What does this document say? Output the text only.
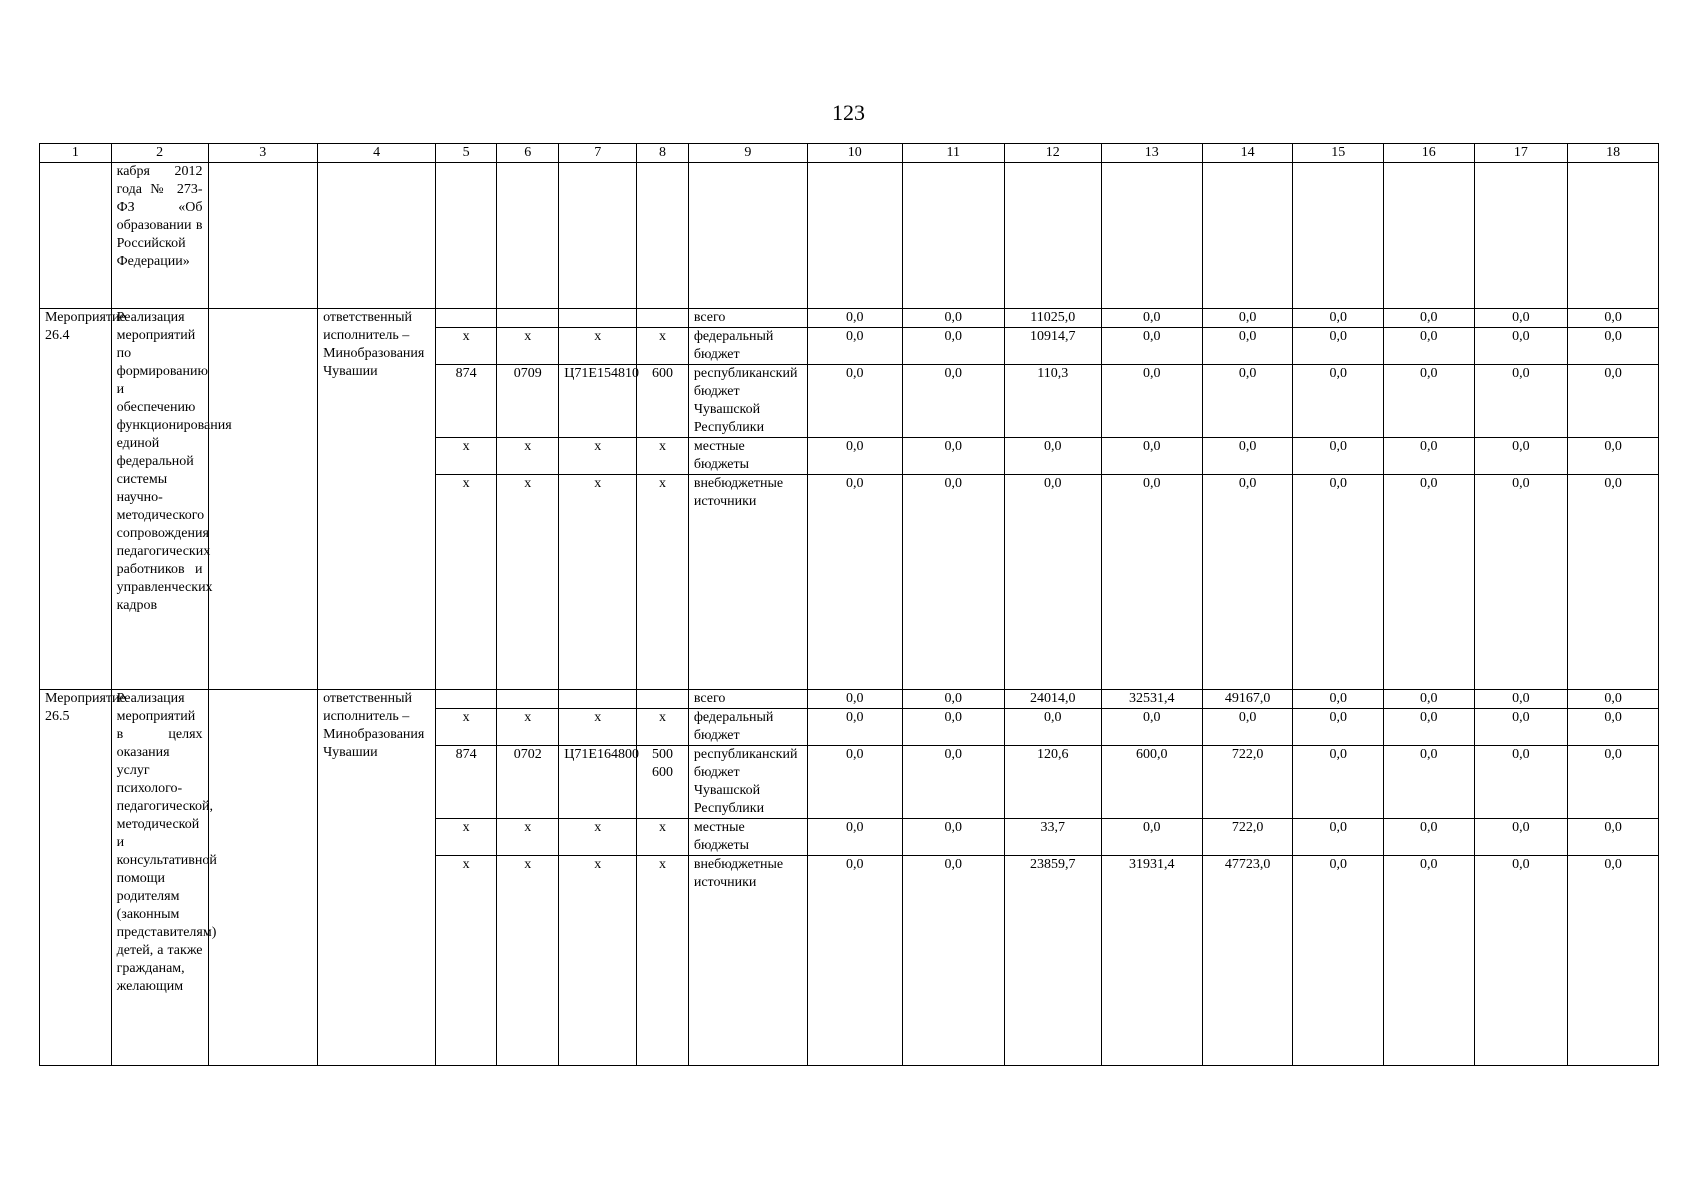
123
1	2	3	4	5	6	7	8	9	10	11	12	13	14	15	16	17	18
	кабря 2012 года № 273-ФЗ «Об образовании в Российской Федерации»																
Мероприятие 26.4	Реализация мероприятий по формированию и обеспечению функционирования единой федеральной системы научно-методического сопровождения педагогических работников и управленческих кадров		ответственный исполнитель – Минобразования Чувашии					всего	0,0	0,0	11025,0	0,0	0,0	0,0	0,0	0,0	0,0
				x	x	x	x	федеральный бюджет	0,0	0,0	10914,7	0,0	0,0	0,0	0,0	0,0	0,0
				874	0709	Ц71Е154810	600	республиканский бюджет Чувашской Республики	0,0	0,0	110,3	0,0	0,0	0,0	0,0	0,0	0,0
				x	x	x	x	местные бюджеты	0,0	0,0	0,0	0,0	0,0	0,0	0,0	0,0	0,0
				x	x	x	x	внебюджетные источники	0,0	0,0	0,0	0,0	0,0	0,0	0,0	0,0	0,0
Мероприятие 26.5	Реализация мероприятий в целях оказания услуг психолого-педагогической, методической и консультативной помощи родителям (законным представителям) детей, а также гражданам, желающим		ответственный исполнитель – Минобразования Чувашии					всего	0,0	0,0	24014,0	32531,4	49167,0	0,0	0,0	0,0	0,0
				x	x	x	x	федеральный бюджет	0,0	0,0	0,0	0,0	0,0	0,0	0,0	0,0	0,0
				874	0702	Ц71Е164800	500 600	республиканский бюджет Чувашской Республики	0,0	0,0	120,6	600,0	722,0	0,0	0,0	0,0	0,0
				x	x	x	x	местные бюджеты	0,0	0,0	33,7	0,0	722,0	0,0	0,0	0,0	0,0
				x	x	x	x	внебюджетные источники	0,0	0,0	23859,7	31931,4	47723,0	0,0	0,0	0,0	0,0
